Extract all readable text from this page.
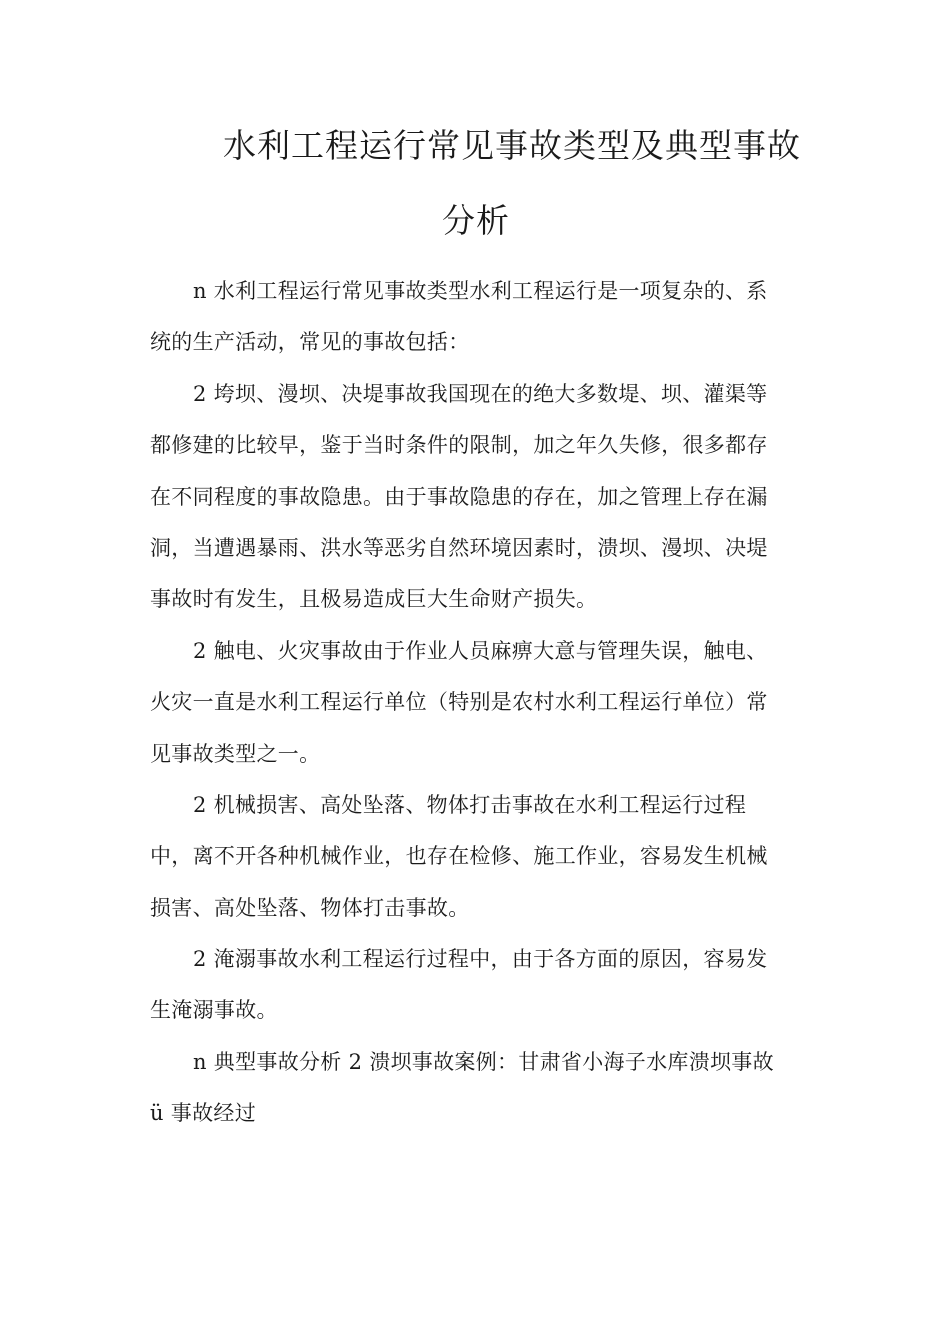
水利工程运行常见事故类型及典型事故
分析
n 水利工程运行常见事故类型水利工程运行是一项复杂的、系
统的生产活动，常见的事故包括：
2 垮坝、漫坝、决堤事故我国现在的绝大多数堤、坝、灌渠等
都修建的比较早，鉴于当时条件的限制，加之年久失修，很多都存
在不同程度的事故隐患。由于事故隐患的存在，加之管理上存在漏
洞，当遭遇暴雨、洪水等恶劣自然环境因素时，溃坝、漫坝、决堤
事故时有发生，且极易造成巨大生命财产损失。
2 触电、火灾事故由于作业人员麻痹大意与管理失误，触电、
火灾一直是水利工程运行单位（特别是农村水利工程运行单位）常
见事故类型之一。
2 机械损害、高处坠落、物体打击事故在水利工程运行过程
中，离不开各种机械作业，也存在检修、施工作业，容易发生机械
损害、高处坠落、物体打击事故。
2 淹溺事故水利工程运行过程中，由于各方面的原因，容易发
生淹溺事故。
n 典型事故分析 2 溃坝事故案例：甘肃省小海子水库溃坝事故
ü 事故经过
